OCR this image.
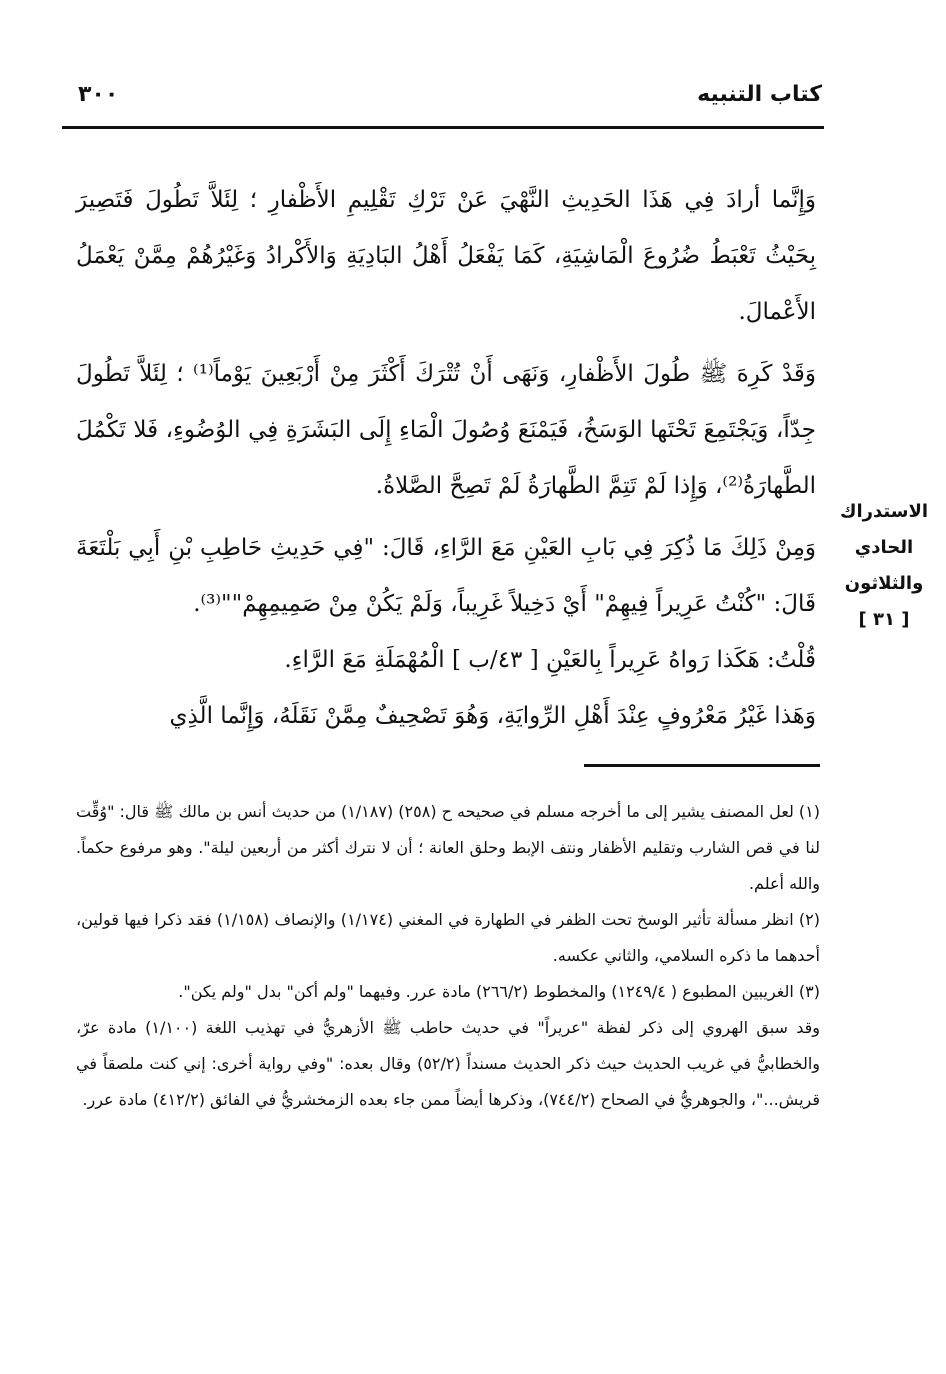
كتاب التنبيه
٣٠٠

وَإِنَّما أرادَ فِي هَذَا الحَدِيثِ النَّهْيَ عَنْ تَرْكِ تَقْلِيمِ الأَظْفارِ ؛ لِئَلاَّ تَطُولَ فَتَصِيرَ بِحَيْثُ تَعْبَطُ ضُرُوعَ الْمَاشِيَةِ، كَمَا يَفْعَلُ أَهْلُ البَادِيَةِ وَالأَكْرادُ وَغَيْرُهُمْ مِمَّنْ يَعْمَلُ الأَعْمالَ.

وَقَدْ كَرِهَ ﷺ طُولَ الأَظْفارِ، وَنَهَى أَنْ تُتْرَكَ أَكْثَرَ مِنْ أَرْبَعِينَ يَوْماً⁽¹⁾ ؛ لِئَلاَّ تَطُولَ جِدّاً، وَيَجْتَمِعَ تَحْتَها الوَسَخُ، فَيَمْنَعَ وُصُولَ الْمَاءِ إِلَى البَشَرَةِ فِي الوُضُوءِ، فَلا تَكْمُلَ الطَّهارَةُ⁽²⁾، وَإِذا لَمْ تَتِمَّ الطَّهارَةُ لَمْ تَصِحَّ الصَّلاةُ.

وَمِنْ ذَلِكَ مَا ذُكِرَ فِي بَابِ العَيْنِ مَعَ الرَّاءِ، قَالَ: "فِي حَدِيثِ حَاطِبِ بْنِ أَبِي بَلْتَعَةَ قَالَ: "كُنْتُ عَرِيراً فِيهِمْ" أَيْ دَخِيلاً غَرِيباً، وَلَمْ يَكُنْ مِنْ صَمِيمِهِمْ""⁽³⁾.

قُلْتُ: هَكَذا رَواهُ عَرِيراً بِالعَيْنِ [ ٤٣/ب ] الْمُهْمَلَةِ مَعَ الرَّاءِ.

وَهَذا غَيْرُ مَعْرُوفٍ عِنْدَ أَهْلِ الرِّوايَةِ، وَهُوَ تَصْحِيفٌ مِمَّنْ نَقَلَهُ، وَإِنَّما الَّذِي

الاستدراك
الحادي
والثلاثون
[ ٣١ ]

(١) لعل المصنف يشير إلى ما أخرجه مسلم في صحيحه ح (٢٥٨) (١/١٨٧) من حديث أنس بن مالك ﷺ قال: "وُقِّت لنا في قص الشارب وتقليم الأظفار ونتف الإبط وحلق العانة ؛ أن لا نترك أكثر من أربعين ليلة". وهو مرفوع حكماً. والله أعلم.

(٢) انظر مسألة تأثير الوسخ تحت الظفر في الطهارة في المغني (١/١٧٤) والإنصاف (١/١٥٨) فقد ذكرا فيها قولين، أحدهما ما ذكره السلامي، والثاني عكسه.

(٣) الغريبين المطبوع ( ١٢٤٩/٤) والمخطوط (٢٦٦/٢) مادة عرر. وفيهما "ولم أكن" بدل "ولم يكن".

وقد سبق الهروي إلى ذكر لفظة "عريراً" في حديث حاطب ﷺ الأزهريُّ في تهذيب اللغة (١/١٠٠) مادة عرّ، والخطابيُّ في غريب الحديث حيث ذكر الحديث مسنداً (٥٢/٢) وقال بعده: "وفي رواية أخرى: إني كنت ملصقاً في قريش..."، والجوهريُّ في الصحاح (٧٤٤/٢)، وذكرها أيضاً ممن جاء بعده الزمخشريُّ في الفائق (٤١٢/٢) مادة عرر.
